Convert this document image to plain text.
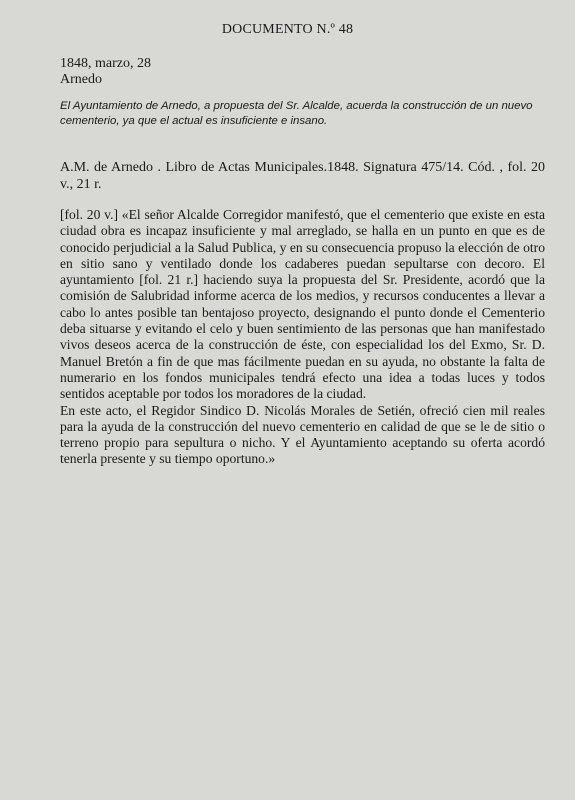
DOCUMENTO N.º 48
1848, marzo, 28
Arnedo
El Ayuntamiento de Arnedo, a propuesta del Sr. Alcalde, acuerda la construcción de un nuevo cementerio, ya que el actual es insuficiente e insano.
A.M. de Arnedo . Libro de Actas Municipales.1848. Signatura 475/14. Cód. , fol. 20 v., 21 r.

[fol. 20 v.] «El señor Alcalde Corregidor manifestó, que el cementerio que existe en esta ciudad obra es incapaz insuficiente y mal arreglado, se halla en un punto en que es de conocido perjudicial a la Salud Publica, y en su consecuencia propuso la elección de otro en sitio sano y ventilado donde los cadaberes puedan sepultarse con decoro. El ayuntamiento [fol. 21 r.] haciendo suya la propuesta del Sr. Presidente, acordó que la comisión de Salubridad informe acerca de los medios, y recursos conducentes a llevar a cabo lo antes posible tan bentajoso proyecto, designando el punto donde el Cementerio deba situarse y evitando el celo y buen sentimiento de las personas que han manifestado vivos deseos acerca de la construcción de éste, con especialidad los del Exmo, Sr. D. Manuel Bretón a fin de que mas fácilmente puedan en su ayuda, no obstante la falta de numerario en los fondos municipales tendrá efecto una idea a todas luces y todos sentidos aceptable por todos los moradores de la ciudad.

En este acto, el Regidor Sindico D. Nicolás Morales de Setién, ofreció cien mil reales para la ayuda de la construcción del nuevo cementerio en calidad de que se le de sitio o terreno propio para sepultura o nicho. Y el Ayuntamiento aceptando su oferta acordó tenerla presente y su tiempo oportuno.»
